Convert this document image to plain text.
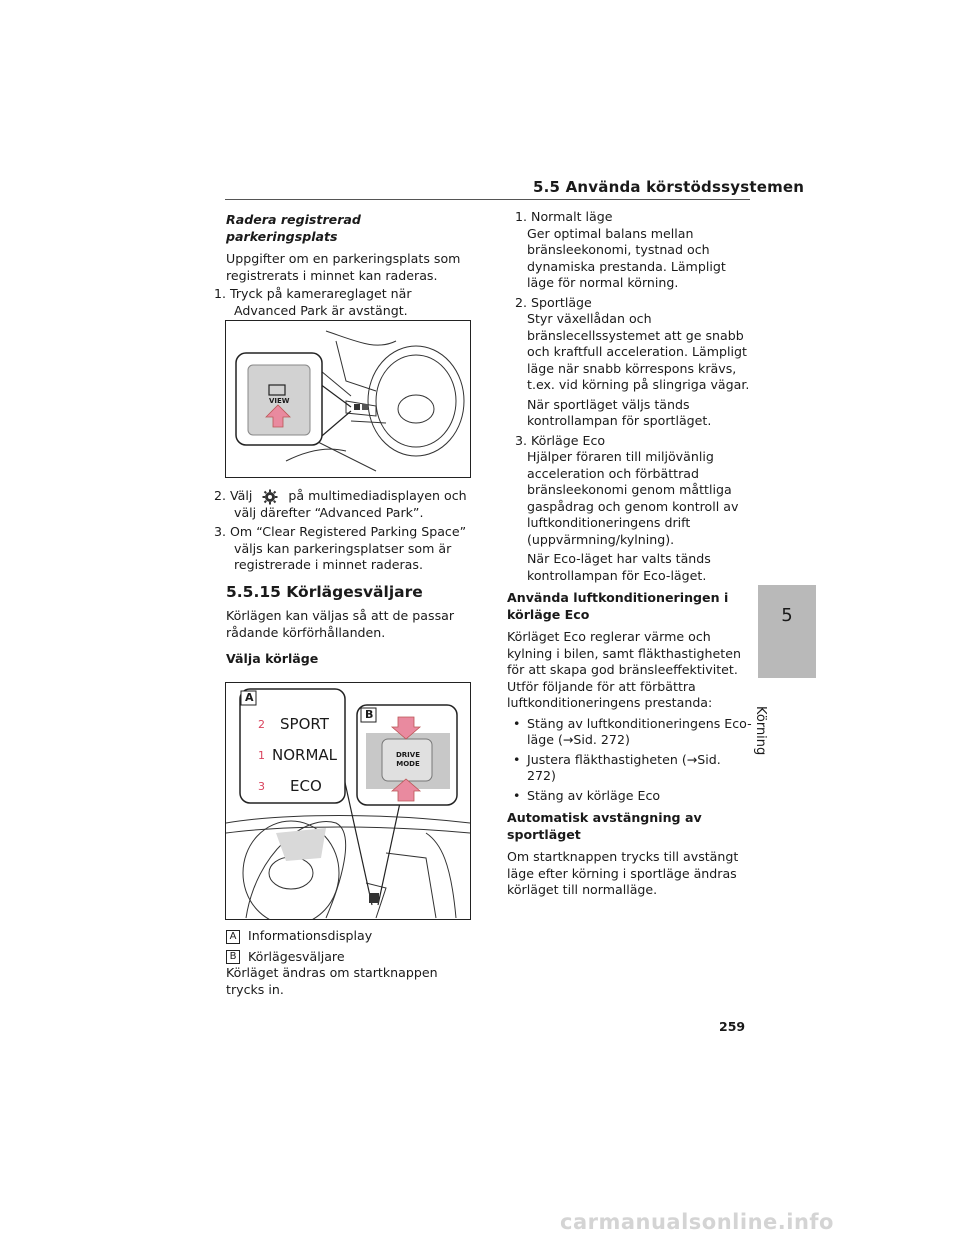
5.5 Använda körstödssystemen

Radera registrerad parkeringsplats

Uppgifter om en parkeringsplats som registrerats i minnet kan raderas.

1. Tryck på kamerareglaget när Advanced Park är avstängt.

VIEW

2. Välj	på multimediadisplayen och välj därefter “Advanced Park”.

3. Om “Clear Registered Parking Space” väljs kan parkeringsplatser som är registrerade i minnet raderas.

5.5.15 Körlägesväljare

Körlägen kan väljas så att de passar rådande körförhållanden.

Välja körläge

A
B
2 SPORT
1 NORMAL
3 ECO
DRIVE
MODE

A Informationsdisplay

B Körlägesväljare

Körläget ändras om startknappen trycks in.

1. Normalt läge

Ger optimal balans mellan bränsleekonomi, tystnad och dynamiska prestanda. Lämpligt läge för normal körning.

2. Sportläge

Styr växellådan och bränslecellssystemet att ge snabb och kraftfull acceleration. Lämpligt läge när snabb körrespons krävs, t.ex. vid körning på slingriga vägar.

När sportläget väljs tänds kontrollampan för sportläget.

3. Körläge Eco

Hjälper föraren till miljövänlig acceleration och förbättrad bränsleekonomi genom måttliga gaspådrag och genom kontroll av luftkonditioneringens drift (uppvärmning/kylning).

När Eco-läget har valts tänds kontrollampan för Eco-läget.

Använda luftkonditioneringen i körläge Eco

Körläget Eco reglerar värme och kylning i bilen, samt fläkthastigheten för att skapa god bränsleeffektivitet. Utför följande för att förbättra luftkonditioneringens prestanda:

• Stäng av luftkonditioneringens Eco-läge (→Sid. 272)
• Justera fläkthastigheten (→Sid. 272)
• Stäng av körläge Eco

Automatisk avstängning av sportläget

Om startknappen trycks till avstängt läge efter körning i sportläge ändras körläget till normalläge.

5
Körning
259
carmanualsonline.info
